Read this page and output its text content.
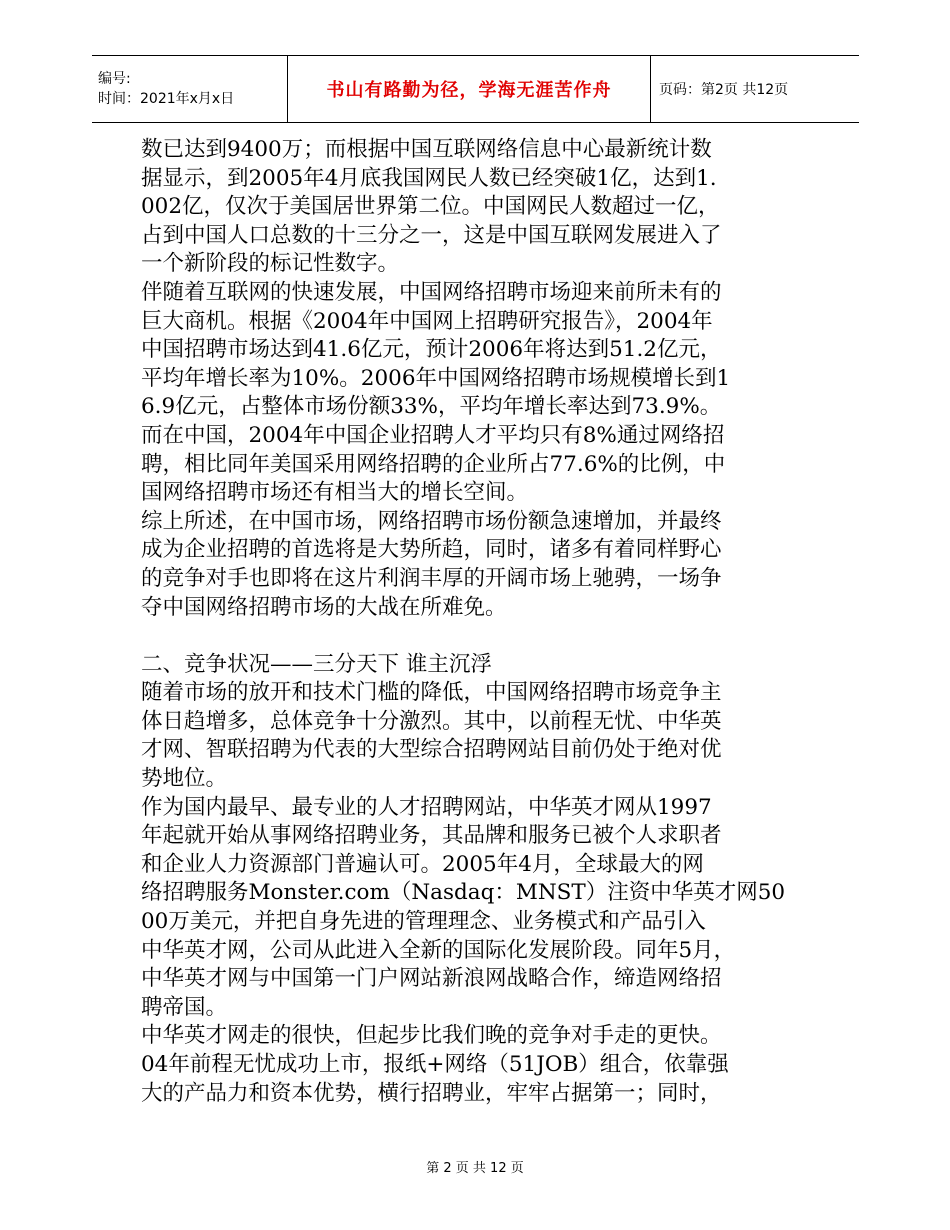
编号:
时间：2021年x月x日	书山有路勤为径，学海无涯苦作舟	页码：第2页 共12页

数已达到9400万；而根据中国互联网络信息中心最新统计数

据显示，到2005年4月底我国网民人数已经突破1亿，达到1.

002亿，仅次于美国居世界第二位。中国网民人数超过一亿，

占到中国人口总数的十三分之一，这是中国互联网发展进入了

一个新阶段的标记性数字。

伴随着互联网的快速发展，中国网络招聘市场迎来前所未有的

巨大商机。根据《2004年中国网上招聘研究报告》，2004年

中国招聘市场达到41.6亿元，预计2006年将达到51.2亿元，

平均年增长率为10%。2006年中国网络招聘市场规模增长到1

6.9亿元，占整体市场份额33%，平均年增长率达到73.9%。

而在中国，2004年中国企业招聘人才平均只有8%通过网络招

聘，相比同年美国采用网络招聘的企业所占77.6%的比例，中

国网络招聘市场还有相当大的增长空间。

综上所述，在中国市场，网络招聘市场份额急速增加，并最终

成为企业招聘的首选将是大势所趋，同时，诸多有着同样野心

的竞争对手也即将在这片利润丰厚的开阔市场上驰骋，一场争

夺中国网络招聘市场的大战在所难免。

二、竞争状况——三分天下 谁主沉浮

随着市场的放开和技术门槛的降低，中国网络招聘市场竞争主

体日趋增多，总体竞争十分激烈。其中，以前程无忧、中华英

才网、智联招聘为代表的大型综合招聘网站目前仍处于绝对优

势地位。

作为国内最早、最专业的人才招聘网站，中华英才网从1997

年起就开始从事网络招聘业务，其品牌和服务已被个人求职者

和企业人力资源部门普遍认可。2005年4月，全球最大的网

络招聘服务Monster.com（Nasdaq：MNST）注资中华英才网50

00万美元，并把自身先进的管理理念、业务模式和产品引入

中华英才网，公司从此进入全新的国际化发展阶段。同年5月，

中华英才网与中国第一门户网站新浪网战略合作，缔造网络招

聘帝国。

中华英才网走的很快，但起步比我们晚的竞争对手走的更快。

04年前程无忧成功上市，报纸+网络（51JOB）组合，依靠强

大的产品力和资本优势，横行招聘业，牢牢占据第一；同时，

第 2 页 共 12 页
